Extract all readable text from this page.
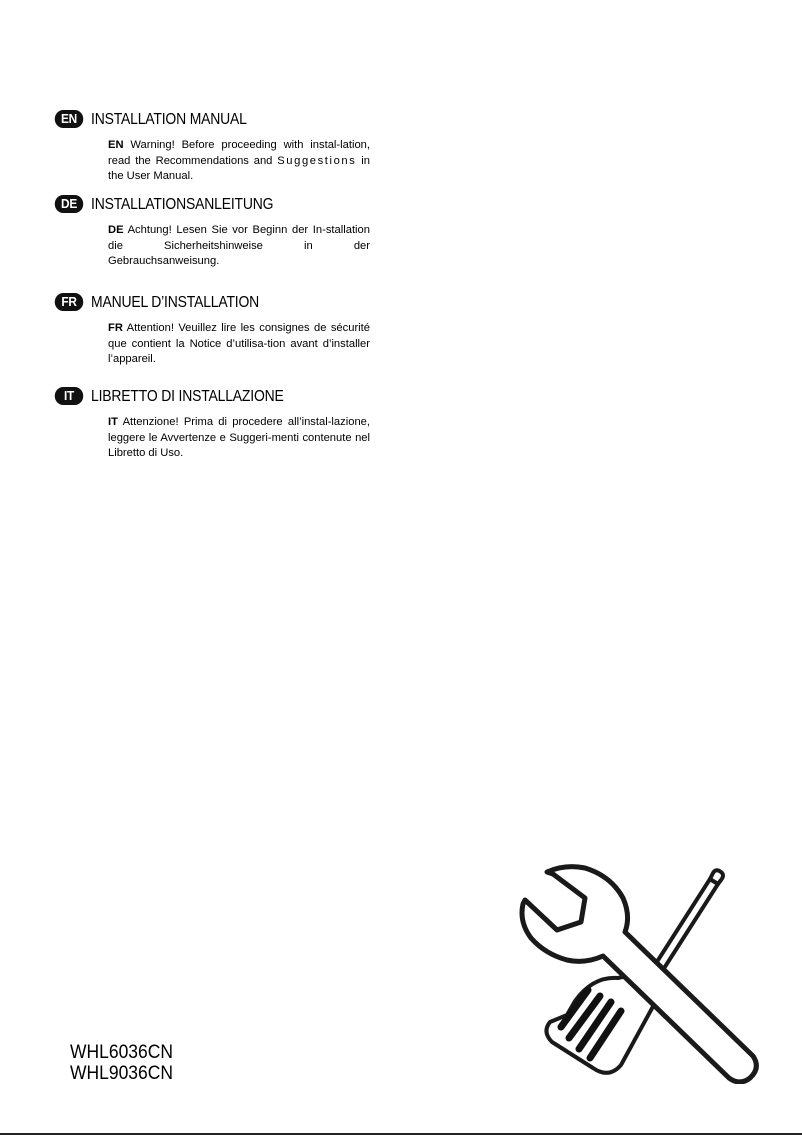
EN INSTALLATION MANUAL
EN Warning! Before proceeding with instal-lation, read the Recommendations and Suggestions in the User Manual.
DE INSTALLATIONSANLEITUNG
DE Achtung! Lesen Sie vor Beginn der In-stallation die Sicherheitshinweise in der Gebrauchsanweisung.
FR MANUEL D’INSTALLATION
FR Attention! Veuillez lire les consignes de sécurité que contient la Notice d’utilisa-tion avant d’installer l’appareil.
IT	LIBRETTO DI INSTALLAZIONE
IT Attenzione! Prima di procedere all’instal-lazione, leggere le Avvertenze e Suggeri-menti contenute nel Libretto di Uso.
WHL6036CN
WHL9036CN
